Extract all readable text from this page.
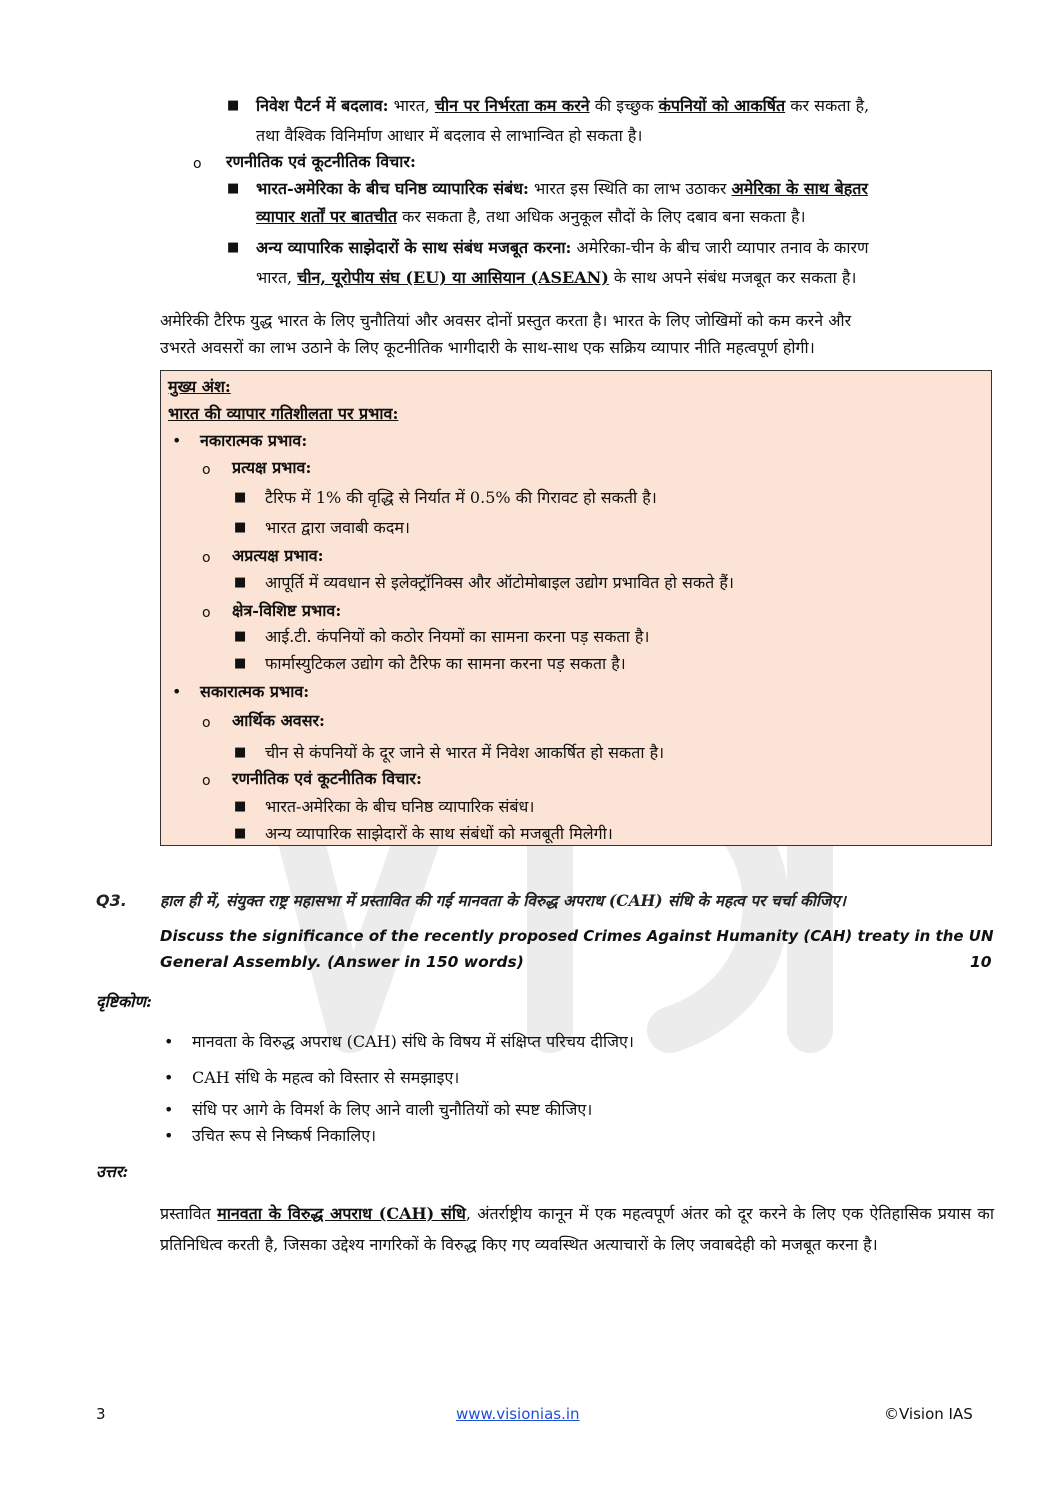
■ निवेश पैटर्न में बदलाव: भारत, चीन पर निर्भरता कम करने की इच्छुक कंपनियों को आकर्षित कर सकता है,
तथा वैश्विक विनिर्माण आधार में बदलाव से लाभान्वित हो सकता है।
o रणनीतिक एवं कूटनीतिक विचार:
■ भारत-अमेरिका के बीच घनिष्ठ व्यापारिक संबंध: भारत इस स्थिति का लाभ उठाकर अमेरिका के साथ बेहतर
व्यापार शर्तों पर बातचीत कर सकता है, तथा अधिक अनुकूल सौदों के लिए दबाव बना सकता है।
■ अन्य व्यापारिक साझेदारों के साथ संबंध मजबूत करना: अमेरिका-चीन के बीच जारी व्यापार तनाव के कारण
भारत, चीन, यूरोपीय संघ (EU) या आसियान (ASEAN) के साथ अपने संबंध मजबूत कर सकता है।
अमेरिकी टैरिफ युद्ध भारत के लिए चुनौतियां और अवसर दोनों प्रस्तुत करता है। भारत के लिए जोखिमों को कम करने और
उभरते अवसरों का लाभ उठाने के लिए कूटनीतिक भागीदारी के साथ-साथ एक सक्रिय व्यापार नीति महत्वपूर्ण होगी।
मुख्य अंश:
भारत की व्यापार गतिशीलता पर प्रभाव:
• नकारात्मक प्रभाव:
o प्रत्यक्ष प्रभाव:
■ टैरिफ में 1% की वृद्धि से निर्यात में 0.5% की गिरावट हो सकती है।
■ भारत द्वारा जवाबी कदम।
o अप्रत्यक्ष प्रभाव:
■ आपूर्ति में व्यवधान से इलेक्ट्रॉनिक्स और ऑटोमोबाइल उद्योग प्रभावित हो सकते हैं।
o क्षेत्र-विशिष्ट प्रभाव:
■ आई.टी. कंपनियों को कठोर नियमों का सामना करना पड़ सकता है।
■ फार्मास्युटिकल उद्योग को टैरिफ का सामना करना पड़ सकता है।
• सकारात्मक प्रभाव:
o आर्थिक अवसर:
■ चीन से कंपनियों के दूर जाने से भारत में निवेश आकर्षित हो सकता है।
o रणनीतिक एवं कूटनीतिक विचार:
■ भारत-अमेरिका के बीच घनिष्ठ व्यापारिक संबंध।
■ अन्य व्यापारिक साझेदारों के साथ संबंधों को मजबूती मिलेगी।
Q3. हाल ही में, संयुक्त राष्ट्र महासभा में प्रस्तावित की गई मानवता के विरुद्ध अपराध (CAH) संधि के महत्व पर चर्चा कीजिए।
Discuss the significance of the recently proposed Crimes Against Humanity (CAH) treaty in the UN
General Assembly. (Answer in 150 words)	10
दृष्टिकोण:
• मानवता के विरुद्ध अपराध (CAH) संधि के विषय में संक्षिप्त परिचय दीजिए।
• CAH संधि के महत्व को विस्तार से समझाइए।
• संधि पर आगे के विमर्श के लिए आने वाली चुनौतियों को स्पष्ट कीजिए।
• उचित रूप से निष्कर्ष निकालिए।
उत्तर:
प्रस्तावित मानवता के विरुद्ध अपराध (CAH) संधि, अंतर्राष्ट्रीय कानून में एक महत्वपूर्ण अंतर को दूर करने के लिए एक ऐतिहासिक प्रयास का प्रतिनिधित्व करती है, जिसका उद्देश्य नागरिकों के विरुद्ध किए गए व्यवस्थित अत्याचारों के लिए जवाबदेही को मजबूत करना है।
3	www.visionias.in	©Vision IAS
